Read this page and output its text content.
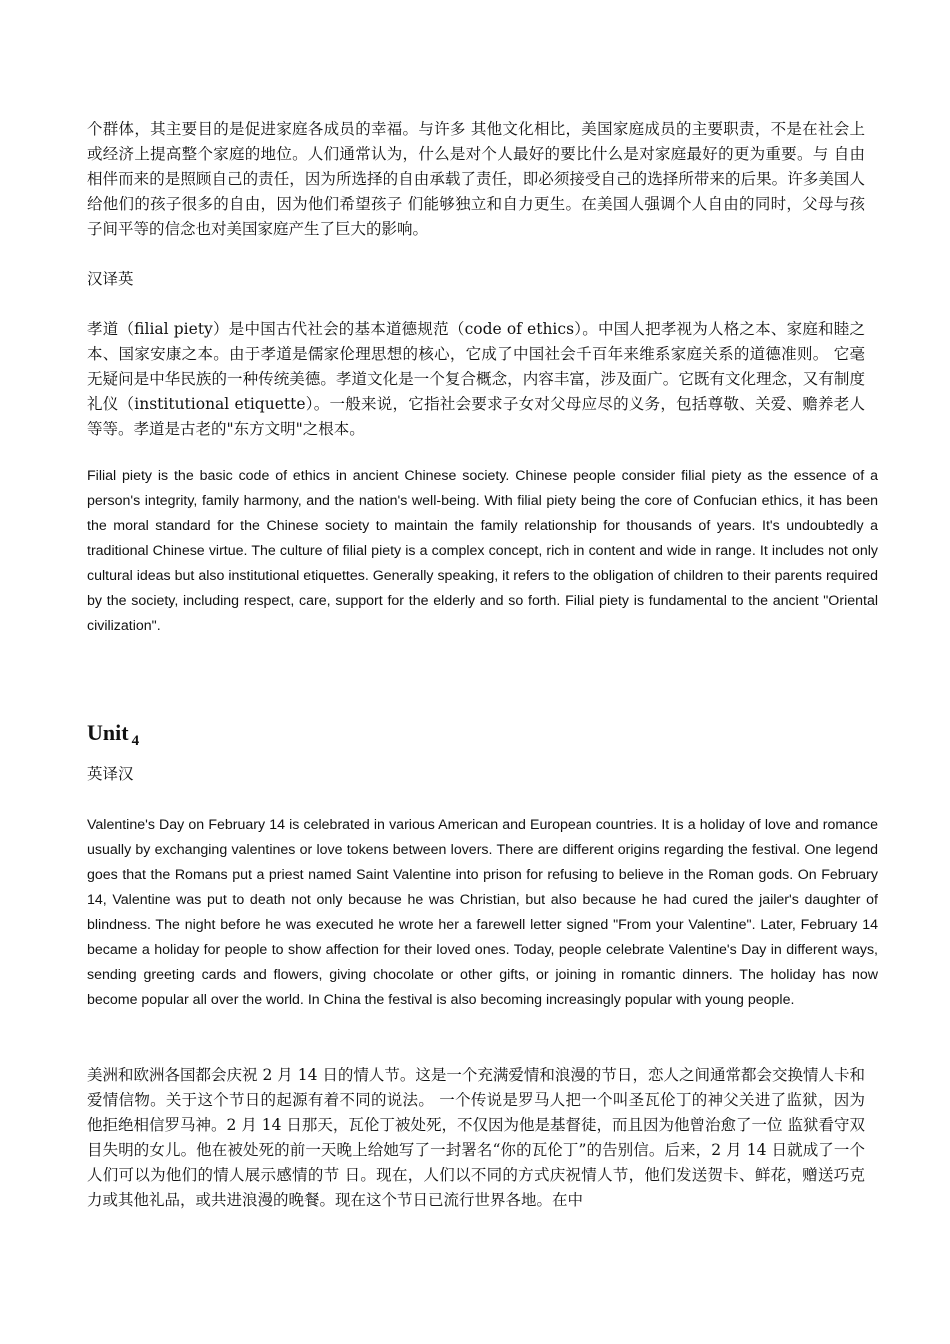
个群体，其主要目的是促进家庭各成员的幸福。与许多 其他文化相比，美国家庭成员的主要职责，不是在社会上或经济上提高整个家庭的地位。人们通常认为，什么是对个人最好的要比什么是对家庭最好的更为重要。与 自由相伴而来的是照顾自己的责任，因为所选择的自由承载了责任，即必须接受自己的选择所带来的后果。许多美国人给他们的孩子很多的自由，因为他们希望孩子 们能够独立和自力更生。在美国人强调个人自由的同时，父母与孩子间平等的信念也对美国家庭产生了巨大的影响。

汉译英

孝道（filial piety）是中国古代社会的基本道德规范（code of ethics）。中国人把孝视为人格之本、家庭和睦之本、国家安康之本。由于孝道是儒家伦理思想的核心，它成了中国社会千百年来维系家庭关系的道德准则。 它毫无疑问是中华民族的一种传统美德。孝道文化是一个复合概念，内容丰富，涉及面广。它既有文化理念，又有制度礼仪（institutional etiquette）。一般来说，它指社会要求子女对父母应尽的义务，包括尊敬、关爱、赡养老人等等。孝道是古老的"东方文明"之根本。

Filial piety is the basic code of ethics in ancient Chinese society. Chinese people consider filial piety as the essence of a person's integrity, family harmony, and the nation's well-being. With filial piety being the core of Confucian ethics, it has been the moral standard for the Chinese society to maintain the family relationship for thousands of years. It's undoubtedly a traditional Chinese virtue. The culture of filial piety is a complex concept, rich in content and wide in range. It includes not only cultural ideas but also institutional etiquettes. Generally speaking, it refers to the obligation of children to their parents required by the society, including respect, care, support for the elderly and so forth. Filial piety is fundamental to the ancient "Oriental civilization".

Unit $_4$

英译汉

Valentine's Day on February 14 is celebrated in various American and European countries. It is a holiday of love and romance usually by exchanging valentines or love tokens between lovers. There are different origins regarding the festival. One legend goes that the Romans put a priest named Saint Valentine into prison for refusing to believe in the Roman gods. On February 14, Valentine was put to death not only because he was Christian, but also because he had cured the jailer's daughter of blindness. The night before he was executed he wrote her a farewell letter signed "From your Valentine". Later, February 14 became a holiday for people to show affection for their loved ones. Today, people celebrate Valentine's Day in different ways, sending greeting cards and flowers, giving chocolate or other gifts, or joining in romantic dinners. The holiday has now become popular all over the world. In China the festival is also becoming increasingly popular with young people.

美洲和欧洲各国都会庆祝 2 月 14 日的情人节。这是一个充满爱情和浪漫的节日，恋人之间通常都会交换情人卡和爱情信物。关于这个节日的起源有着不同的说法。 一个传说是罗马人把一个叫圣瓦伦丁的神父关进了监狱，因为他拒绝相信罗马神。2 月 14 日那天，瓦伦丁被处死，不仅因为他是基督徒，而且因为他曾治愈了一位 监狱看守双目失明的女儿。他在被处死的前一天晚上给她写了一封署名“你的瓦伦丁”的告别信。后来，2 月 14 日就成了一个人们可以为他们的情人展示感情的节 日。现在，人们以不同的方式庆祝情人节，他们发送贺卡、鲜花，赠送巧克力或其他礼品，或共进浪漫的晚餐。现在这个节日已流行世界各地。在中
